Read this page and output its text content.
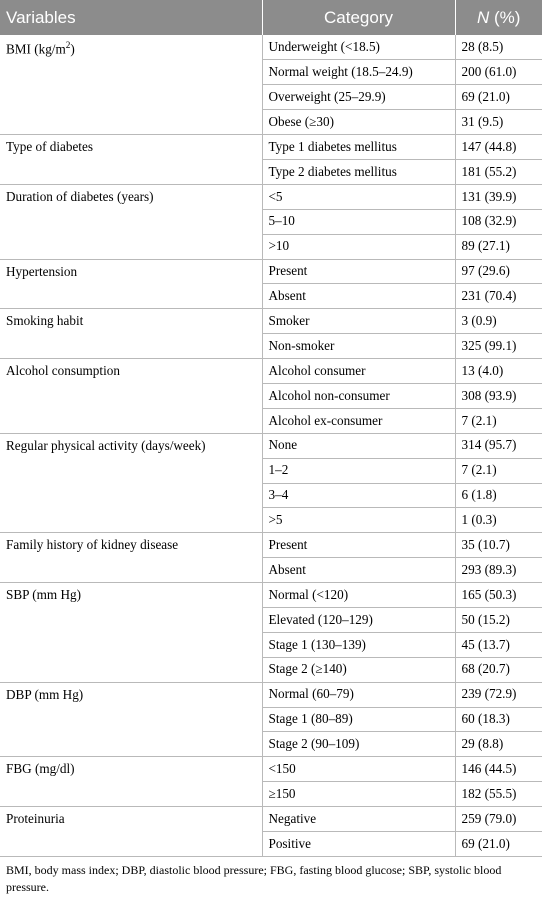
Variables	Category	N (%)
BMI $(kg/m^2)$	Underweight (<18.5)	28 (8.5)
	Normal weight (18.5–24.9)	200 (61.0)
	Overweight (25–29.9)	69 (21.0)
	Obese (≥30)	31 (9.5)
Type of diabetes	Type 1 diabetes mellitus	147 (44.8)
	Type 2 diabetes mellitus	181 (55.2)
Duration of diabetes (years)	<5	131 (39.9)
	5–10	108 (32.9)
	>10	89 (27.1)
Hypertension	Present	97 (29.6)
	Absent	231 (70.4)
Smoking habit	Smoker	3 (0.9)
	Non-smoker	325 (99.1)
Alcohol consumption	Alcohol consumer	13 (4.0)
	Alcohol non-consumer	308 (93.9)
	Alcohol ex-consumer	7 (2.1)
Regular physical activity (days/week)	None	314 (95.7)
	1–2	7 (2.1)
	3–4	6 (1.8)
	>5	1 (0.3)
Family history of kidney disease	Present	35 (10.7)
	Absent	293 (89.3)
SBP (mm Hg)	Normal (<120)	165 (50.3)
	Elevated (120–129)	50 (15.2)
	Stage 1 (130–139)	45 (13.7)
	Stage 2 (≥140)	68 (20.7)
DBP (mm Hg)	Normal (60–79)	239 (72.9)
	Stage 1 (80–89)	60 (18.3)
	Stage 2 (90–109)	29 (8.8)
FBG (mg/dl)	<150	146 (44.5)
	≥150	182 (55.5)
Proteinuria	Negative	259 (79.0)
	Positive	69 (21.0)
BMI, body mass index; DBP, diastolic blood pressure; FBG, fasting blood glucose; SBP, systolic blood pressure.
